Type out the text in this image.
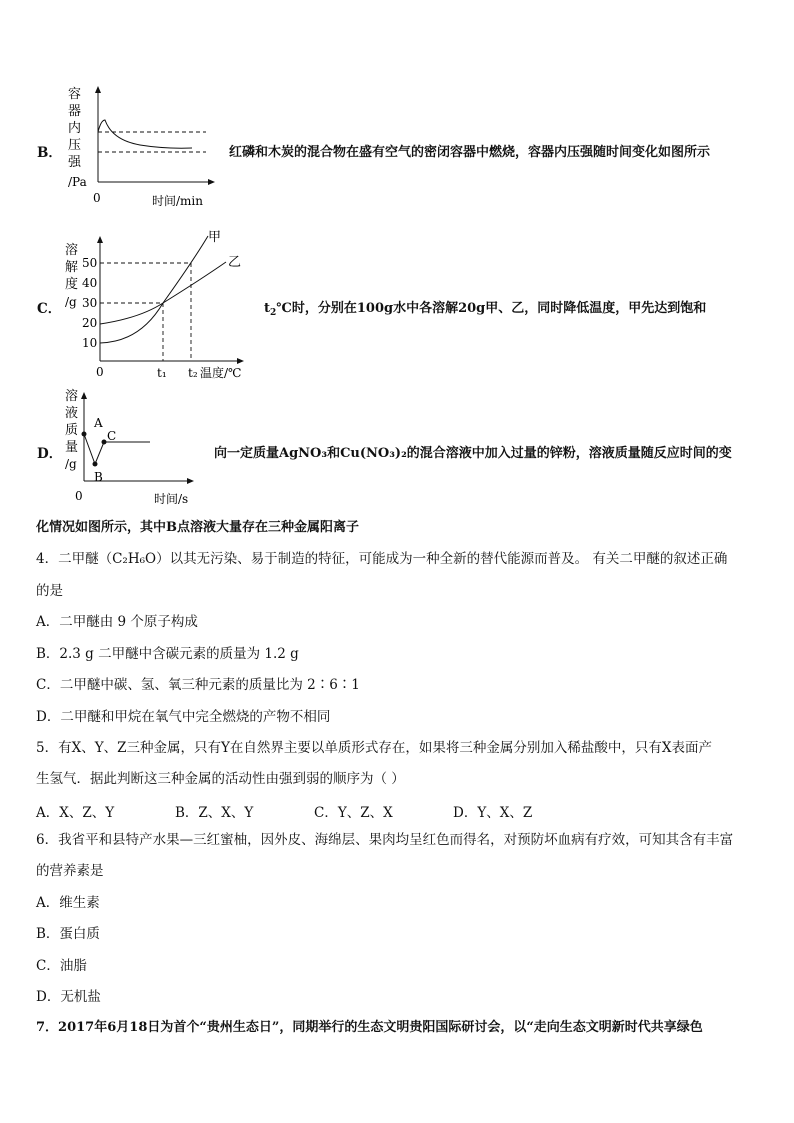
B．
容
器
内
压
强
/Pa
0	时间/min
红磷和木炭的混合物在盛有空气的密闭容器中燃烧，容器内压强随时间变化如图所示
C．
溶
解
度
/g
50
40
30
20
10
甲
乙
0	t₁ t₂ 温度/℃
$t_2℃$时，分别在100g水中各溶解20g甲、乙，同时降低温度，甲先达到饱和
D．
溶
液
质
量
/g
A
B
C
0	时间/s
向一定质量AgNO₃和Cu(NO₃)₂的混合溶液中加入过量的锌粉，溶液质量随反应时间的变
化情况如图所示，其中B点溶液大量存在三种金属阳离子
4．二甲醚（C₂H₆O）以其无污染、易于制造的特征，可能成为一种全新的替代能源而普及。 有关二甲醚的叙述正确
的是
A．二甲醚由 9 个原子构成
B．2.3 g 二甲醚中含碳元素的质量为 1.2 g
C．二甲醚中碳、氢、氧三种元素的质量比为 2∶6∶1
D．二甲醚和甲烷在氧气中完全燃烧的产物不相同
5．有X、Y、Z三种金属，只有Y在自然界主要以单质形式存在，如果将三种金属分别加入稀盐酸中，只有X表面产
生氢气．据此判断这三种金属的活动性由强到弱的顺序为（ ）
A．X、Z、Y	B．Z、X、Y	C．Y、Z、X	D．Y、X、Z
6．我省平和县特产水果—三红蜜柚，因外皮、海绵层、果肉均呈红色而得名，对预防坏血病有疗效，可知其含有丰富
的营养素是
A．维生素
B．蛋白质
C．油脂
D．无机盐
7．2017年6月18日为首个“贵州生态日”，同期举行的生态文明贵阳国际研讨会，以“走向生态文明新时代共享绿色
